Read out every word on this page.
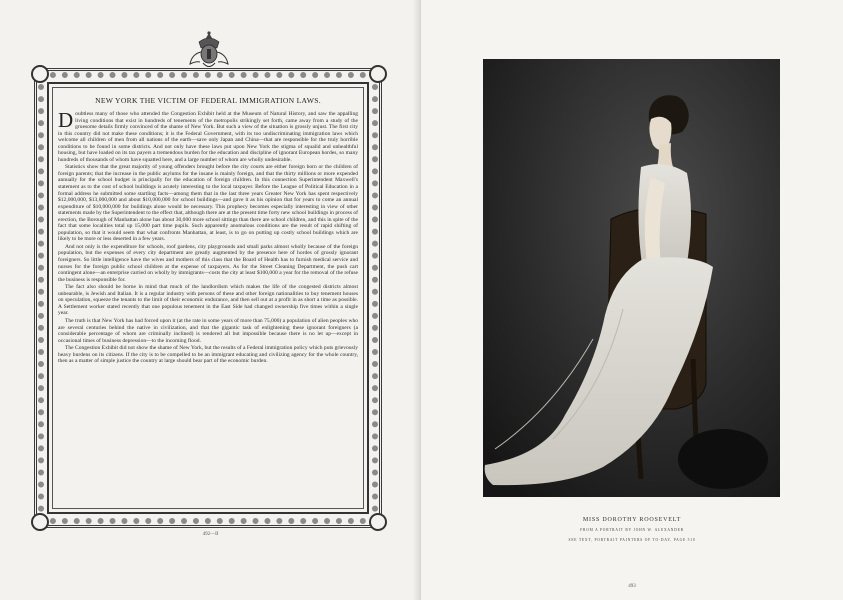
NEW YORK THE VICTIM OF FEDERAL IMMIGRATION LAWS.

Doubtless many of those who attended the Congestion Exhibit held at the Museum of Natural History, and saw the appalling living conditions that exist in hundreds of tenements of the metropolis strikingly set forth, came away from a study of the gruesome details firmly convinced of the shame of New York. But such a view of the situation is grossly unjust. The first city in this country did not make these conditions; it is the Federal Government, with its too undiscriminating immigration laws which welcome all children of men from all nations of the earth—save only Japan and China—that are responsible for the truly horrible conditions to be found in some districts. And not only have these laws put upon New York the stigma of squalid and unhealthful housing, but have loaded on its tax payers a tremendous burden for the education and discipline of ignorant European hordes, so many hundreds of thousands of whom have squatted here, and a large number of whom are wholly undesirable.

Statistics show that the great majority of young offenders brought before the city courts are either foreign born or the children of foreign parents; that the increase in the public asylums for the insane is mainly foreign, and that the thirty millions or more expended annually for the school budget is principally for the education of foreign children. In this connection Superintendent Maxwell's statement as to the cost of school buildings is acutely interesting to the local taxpayer. Before the League of Political Education in a formal address he submitted some startling facts—among them that in the last three years Greater New York has spent respectively $12,000,000, $13,000,000 and about $10,000,000 for school buildings—and gave it as his opinion that for years to come an annual expenditure of $10,000,000 for buildings alone would be necessary. This prophecy becomes especially interesting in view of other statements made by the Superintendent to the effect that, although there are at the present time forty new school buildings in process of erection, the Borough of Manhattan alone has about 30,000 more school sittings than there are school children, and this in spite of the fact that some localities total up 15,000 part time pupils. Such apparently anomalous conditions are the result of rapid shifting of population, so that it would seem that what confronts Manhattan, at least, is to go on putting up costly school buildings which are likely to be more or less deserted in a few years.

And not only is the expenditure for schools, roof gardens, city playgrounds and small parks almost wholly because of the foreign population, but the expenses of every city department are greatly augmented by the presence here of hordes of grossly ignorant foreigners. So little intelligence have the wives and mothers of this class that the Board of Health has to furnish medical service and nurses for the foreign public school children at the expense of taxpayers. As for the Street Cleaning Department, the push cart contingent alone—an enterprise carried on wholly by immigrants—costs the city at least $100,000 a year for the removal of the refuse the business is responsible for.

The fact also should be borne in mind that much of the landlordism which makes the life of the congested districts almost unbearable, is Jewish and Italian. It is a regular industry with persons of these and other foreign nationalities to buy tenement houses on speculation, squeeze the tenants to the limit of their economic endurance, and then sell out at a profit in as short a time as possible. A Settlement worker stated recently that one populous tenement in the East Side had changed ownership five times within a single year.

The truth is that New York has had forced upon it (at the rate in some years of more than 75,000) a population of alien peoples who are several centuries behind the native in civilization, and that the gigantic task of enlightening these ignorant foreigners (a considerable percentage of whom are criminally inclined) is rendered all but impossible because there is no let up—except in occasional times of business depression—to the incoming flood.

The Congestion Exhibit did not show the shame of New York, but the results of a Federal immigration policy which puts grievously heavy burdens on its citizens. If the city is to be compelled to be an immigrant educating and civilizing agency for the whole country, then as a matter of simple justice the country at large should bear part of the economic burden.

492—II
MISS DOROTHY ROOSEVELT
FROM A PORTRAIT BY JOHN W. ALEXANDER
SEE TEXT, PORTRAIT PAINTERS OF TO-DAY, PAGE 510
493
